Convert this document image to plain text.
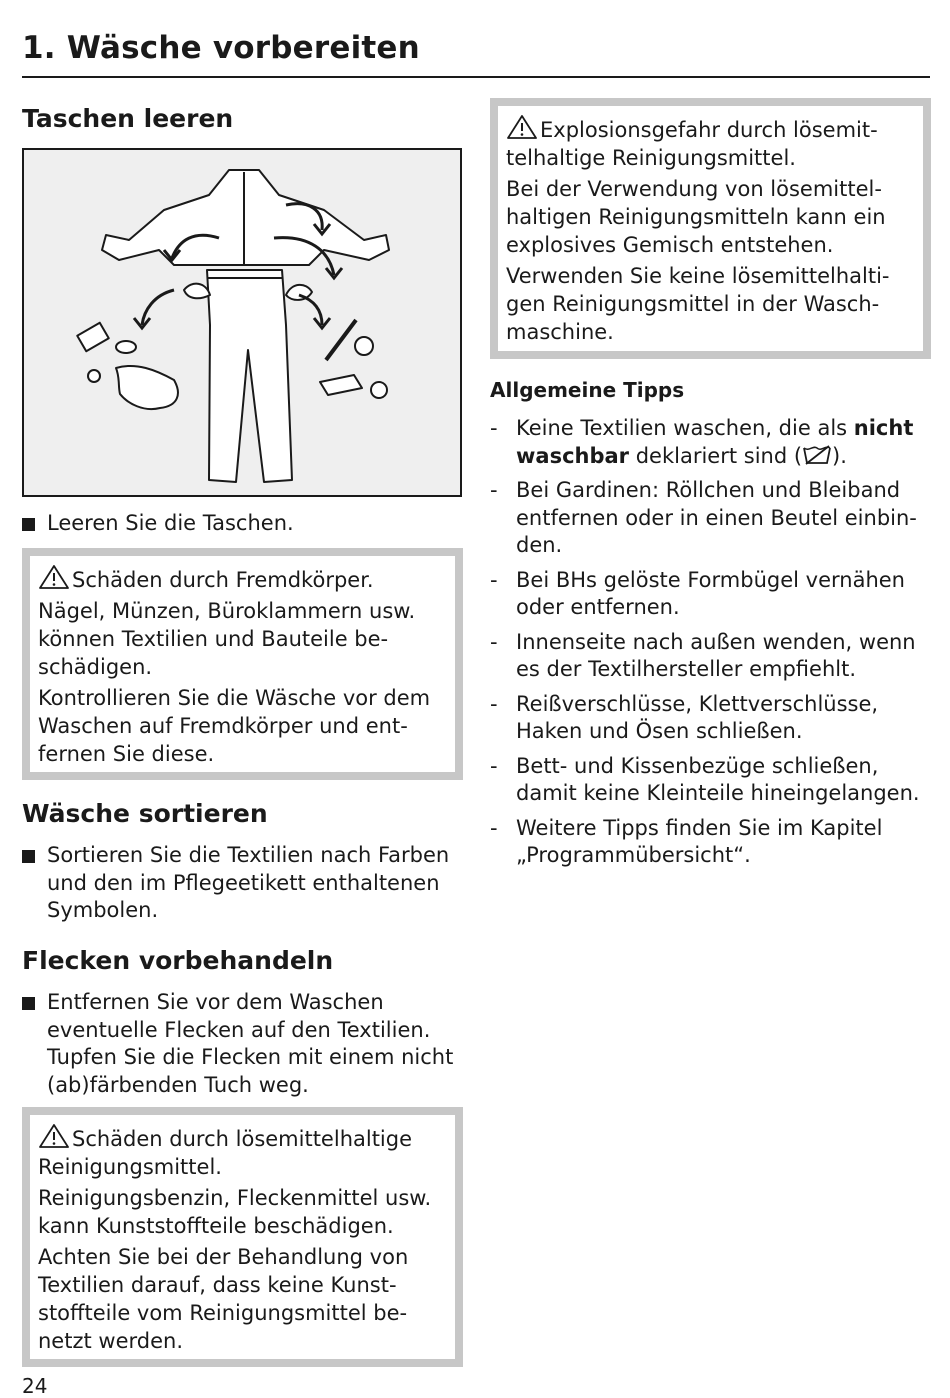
1. Wäsche vorbereiten
Taschen leeren
Leeren Sie die Taschen.

Schäden durch Fremdkörper.

Nägel, Münzen, Büroklammern usw. können Textilien und Bauteile beschädigen.

Kontrollieren Sie die Wäsche vor dem Waschen auf Fremdkörper und entfernen Sie diese.

Wäsche sortieren
Sortieren Sie die Textilien nach Farben und den im Pflegeetikett enthaltenen Symbolen.
Flecken vorbehandeln
Entfernen Sie vor dem Waschen eventuelle Flecken auf den Textilien. Tupfen Sie die Flecken mit einem nicht (ab)färbenden Tuch weg.

Schäden durch lösemittelhaltige Reinigungsmittel.

Reinigungsbenzin, Fleckenmittel usw. kann Kunststoffteile beschädigen.

Achten Sie bei der Behandlung von Textilien darauf, dass keine Kunststoffteile vom Reinigungsmittel benetzt werden.

Explosionsgefahr durch lösemittelhaltige Reinigungsmittel.

Bei der Verwendung von lösemittelhaltigen Reinigungsmitteln kann ein explosives Gemisch entstehen.

Verwenden Sie keine lösemittelhaltigen Reinigungsmittel in der Waschmaschine.

Allgemeine Tipps
- Keine Textilien waschen, die als nicht waschbar deklariert sind ( ).
- Bei Gardinen: Röllchen und Bleiband entfernen oder in einen Beutel einbinden.
- Bei BHs gelöste Formbügel vernähen oder entfernen.
- Innenseite nach außen wenden, wenn es der Textilhersteller empfiehlt.
- Reißverschlüsse, Klettverschlüsse, Haken und Ösen schließen.
- Bett- und Kissenbezüge schließen, damit keine Kleinteile hineingelangen.
- Weitere Tipps finden Sie im Kapitel „Programmübersicht“.
24
